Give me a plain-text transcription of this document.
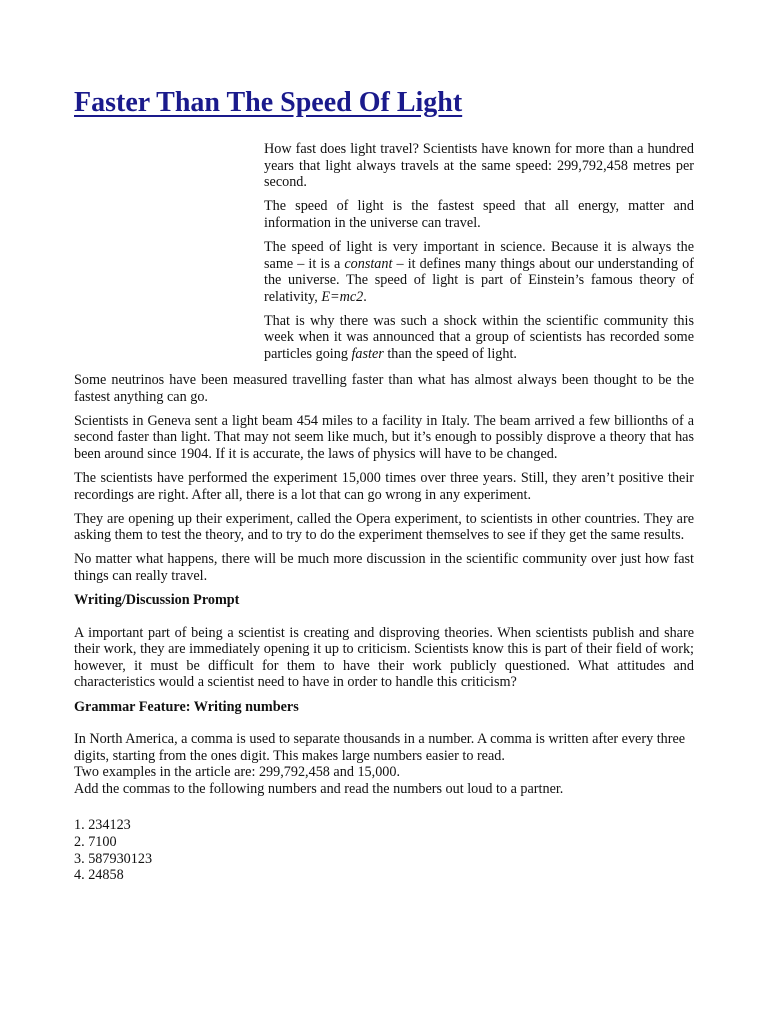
Faster Than The Speed Of Light

How fast does light travel? Scientists have known for more than a hundred years that light always travels at the same speed: 299,792,458 metres per second.

The speed of light is the fastest speed that all energy, matter and information in the universe can travel.

The speed of light is very important in science. Because it is always the same – it is a constant – it defines many things about our understanding of the universe. The speed of light is part of Einstein’s famous theory of relativity, E=mc2.

That is why there was such a shock within the scientific community this week when it was announced that a group of scientists has recorded some particles going faster than the speed of light.

Some neutrinos have been measured travelling faster than what has almost always been thought to be the fastest anything can go.

Scientists in Geneva sent a light beam 454 miles to a facility in Italy. The beam arrived a few billionths of a second faster than light. That may not seem like much, but it’s enough to possibly disprove a theory that has been around since 1904. If it is accurate, the laws of physics will have to be changed.

The scientists have performed the experiment 15,000 times over three years. Still, they aren’t positive their recordings are right. After all, there is a lot that can go wrong in any experiment.

They are opening up their experiment, called the Opera experiment, to scientists in other countries. They are asking them to test the theory, and to try to do the experiment themselves to see if they get the same results.

No matter what happens, there will be much more discussion in the scientific community over just how fast things can really travel.

Writing/Discussion Prompt

A important part of being a scientist is creating and disproving theories. When scientists publish and share their work, they are immediately opening it up to criticism. Scientists know this is part of their field of work; however, it must be difficult for them to have their work publicly questioned. What attitudes and characteristics would a scientist need to have in order to handle this criticism?

Grammar Feature: Writing numbers

In North America, a comma is used to separate thousands in a number. A comma is written after every three digits, starting from the ones digit. This makes large numbers easier to read.
Two examples in the article are: 299,792,458 and 15,000.
Add the commas to the following numbers and read the numbers out loud to a partner.
1. 234123
2. 7100
3. 587930123
4. 24858
